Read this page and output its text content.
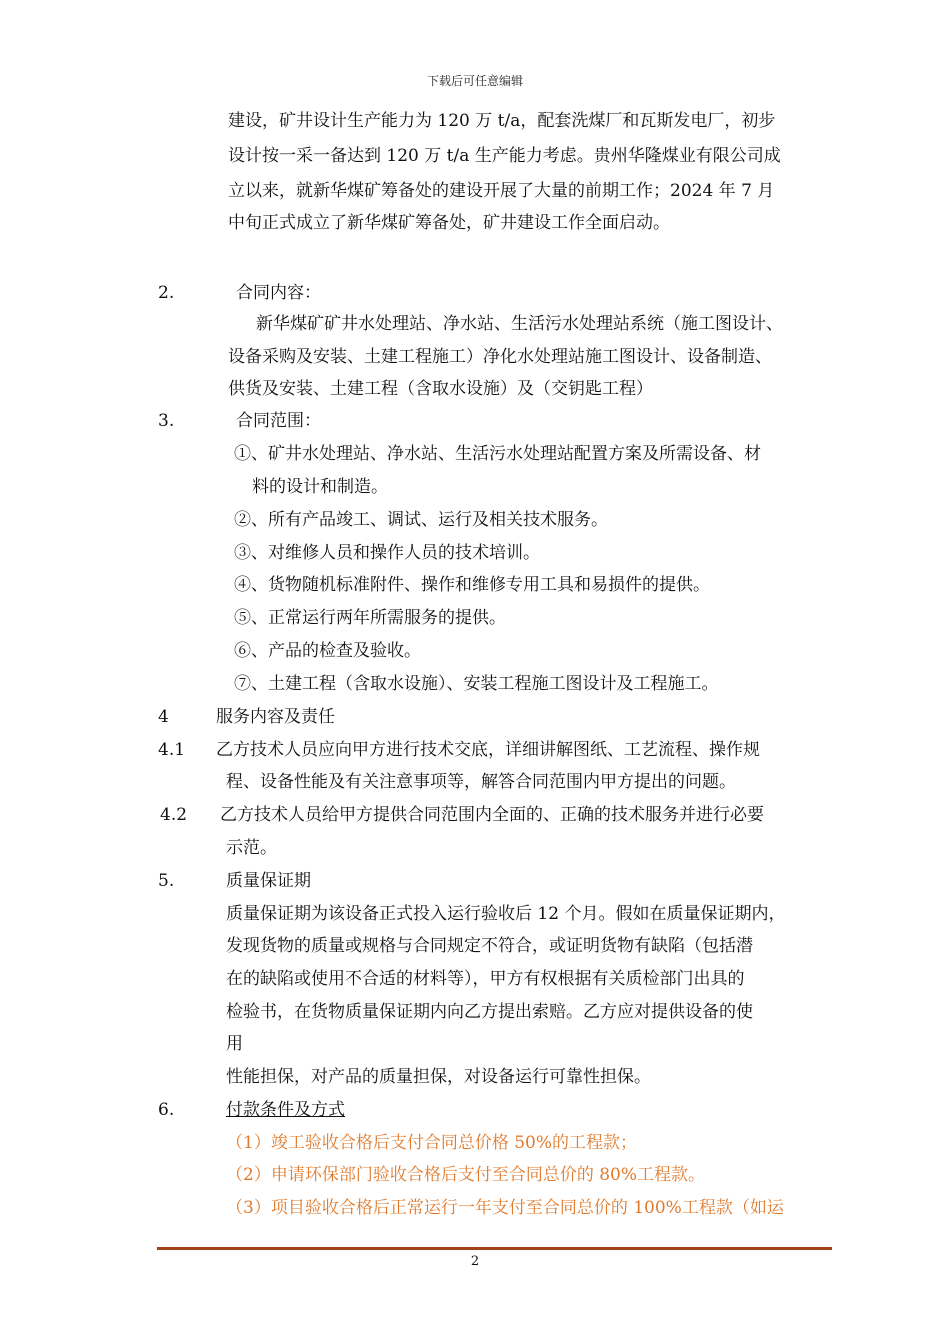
下载后可任意编辑
建设，矿井设计生产能力为 120 万 t/a，配套洗煤厂和瓦斯发电厂，初步
设计按一采一备达到 120 万 t/a 生产能力考虑。贵州华隆煤业有限公司成
立以来，就新华煤矿筹备处的建设开展了大量的前期工作；2024 年 7 月
中旬正式成立了新华煤矿筹备处，矿井建设工作全面启动。
2.	合同内容：
新华煤矿矿井水处理站、净水站、生活污水处理站系统（施工图设计、
设备采购及安装、土建工程施工）净化水处理站施工图设计、设备制造、
供货及安装、土建工程（含取水设施）及（交钥匙工程）
3.	合同范围：
①、矿井水处理站、净水站、生活污水处理站配置方案及所需设备、材
料的设计和制造。
②、所有产品竣工、调试、运行及相关技术服务。
③、对维修人员和操作人员的技术培训。
④、货物随机标准附件、操作和维修专用工具和易损件的提供。
⑤、正常运行两年所需服务的提供。
⑥、产品的检查及验收。
⑦、土建工程（含取水设施）、安装工程施工图设计及工程施工。
4	服务内容及责任
4.1 乙方技术人员应向甲方进行技术交底，详细讲解图纸、工艺流程、操作规
程、设备性能及有关注意事项等，解答合同范围内甲方提出的问题。
4.2 乙方技术人员给甲方提供合同范围内全面的、正确的技术服务并进行必要
示范。
5.	质量保证期
质量保证期为该设备正式投入运行验收后 12 个月。假如在质量保证期内，
发现货物的质量或规格与合同规定不符合，或证明货物有缺陷（包括潜
在的缺陷或使用不合适的材料等），甲方有权根据有关质检部门出具的
检验书，在货物质量保证期内向乙方提出索赔。乙方应对提供设备的使
用
性能担保，对产品的质量担保，对设备运行可靠性担保。
6.	付款条件及方式
（1）竣工验收合格后支付合同总价格 50%的工程款；
（2）申请环保部门验收合格后支付至合同总价的 80%工程款。
（3）项目验收合格后正常运行一年支付至合同总价的 100%工程款（如运
2
